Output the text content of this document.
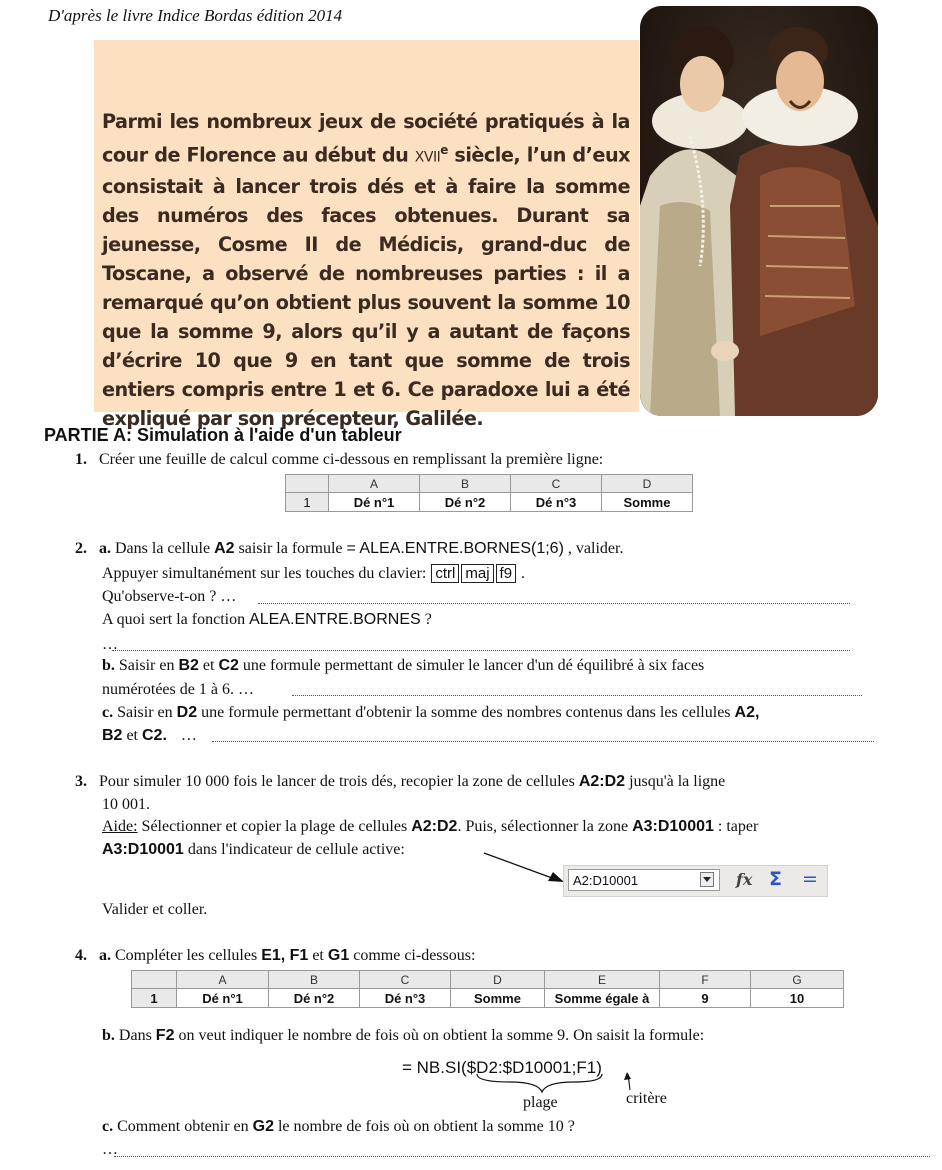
D'après le livre Indice Bordas édition 2014
Parmi les nombreux jeux de société pratiqués à la cour de Florence au début du XVIIe siècle, l’un d’eux consistait à lancer trois dés et à faire la somme des numéros des faces obtenues. Durant sa jeunesse, Cosme II de Médicis, grand-duc de Toscane, a observé de nombreuses parties : il a remarqué qu’on obtient plus souvent la somme 10 que la somme 9, alors qu’il y a autant de façons d’écrire 10 que 9 en tant que somme de trois entiers compris entre 1 et 6. Ce paradoxe lui a été expliqué par son précepteur, Galilée.
PARTIE A: Simulation à l'aide d'un tableur
1. Créer une feuille de calcul comme ci-dessous en remplissant la première ligne:
	A	B	C	D
1	Dé n°1	Dé n°2	Dé n°3	Somme
2. a. Dans la cellule A2 saisir la formule = ALEA.ENTRE.BORNES(1;6) , valider.
Appuyer simultanément sur les touches du clavier: ctrl maj f9 .
Qu'observe-t-on ? …
A quoi sert la fonction ALEA.ENTRE.BORNES ?
…
b. Saisir en B2 et C2 une formule permettant de simuler le lancer d'un dé équilibré à six faces
numérotées de 1 à 6. …
c. Saisir en D2 une formule permettant d'obtenir la somme des nombres contenus dans les cellules A2,
B2 et C2. …
3. Pour simuler 10 000 fois le lancer de trois dés, recopier la zone de cellules A2:D2 jusqu'à la ligne
10 001.
Aide: Sélectionner et copier la plage de cellules A2:D2. Puis, sélectionner la zone A3:D10001 : taper
A3:D10001 dans l'indicateur de cellule active:
A2:D10001	fx Σ =
Valider et coller.
4. a. Compléter les cellules E1, F1 et G1 comme ci-dessous:
	A	B	C	D	E	F	G
1	Dé n°1	Dé n°2	Dé n°3	Somme	Somme égale à	9	10
b. Dans F2 on veut indiquer le nombre de fois où on obtient la somme 9. On saisit la formule:
= NB.SI($D2:$D10001;F1)
plage	critère
c. Comment obtenir en G2 le nombre de fois où on obtient la somme 10 ?
…
